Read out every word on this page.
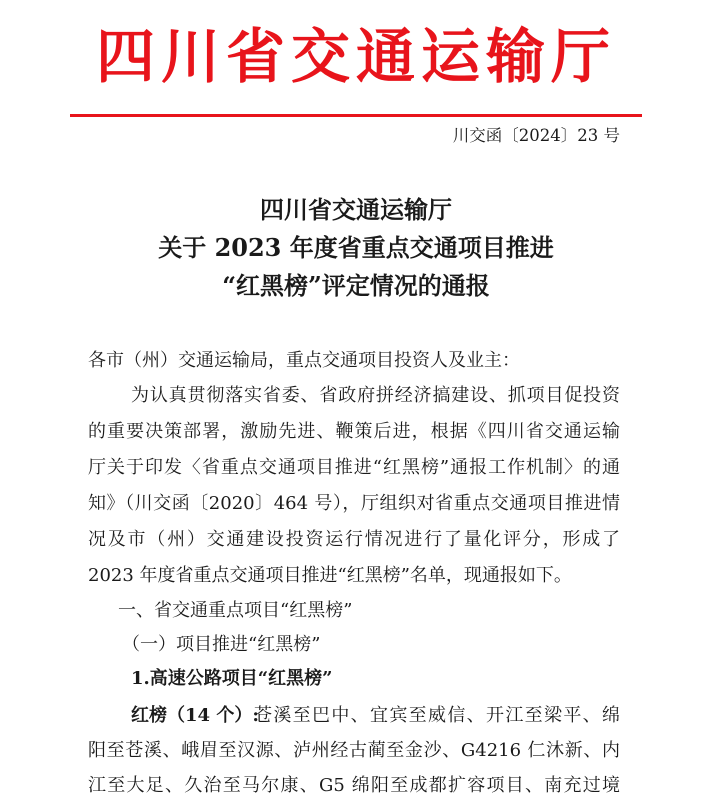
四川省交通运输厅
川交函〔2024〕23 号
四川省交通运输厅
关于 2023 年度省重点交通项目推进
“红黑榜”评定情况的通报
各市（州）交通运输局，重点交通项目投资人及业主：
为认真贯彻落实省委、省政府拼经济搞建设、抓项目促投资
的重要决策部署，激励先进、鞭策后进，根据《四川省交通运输
厅关于印发〈省重点交通项目推进“红黑榜”通报工作机制〉的通
知》（川交函〔2020〕464 号），厅组织对省重点交通项目推进情
况及市（州）交通建设投资运行情况进行了量化评分，形成了
2023 年度省重点交通项目推进“红黑榜”名单，现通报如下。
一、省交通重点项目“红黑榜”
（一）项目推进“红黑榜”
1.高速公路项目“红黑榜”
红榜（14 个）:
苍溪至巴中、宜宾至威信、开江至梁平、绵
阳至苍溪、峨眉至汉源、泸州经古蔺至金沙、G4216 仁沐新、内
江至大足、久治至马尔康、G5 绵阳至成都扩容项目、南充过境
